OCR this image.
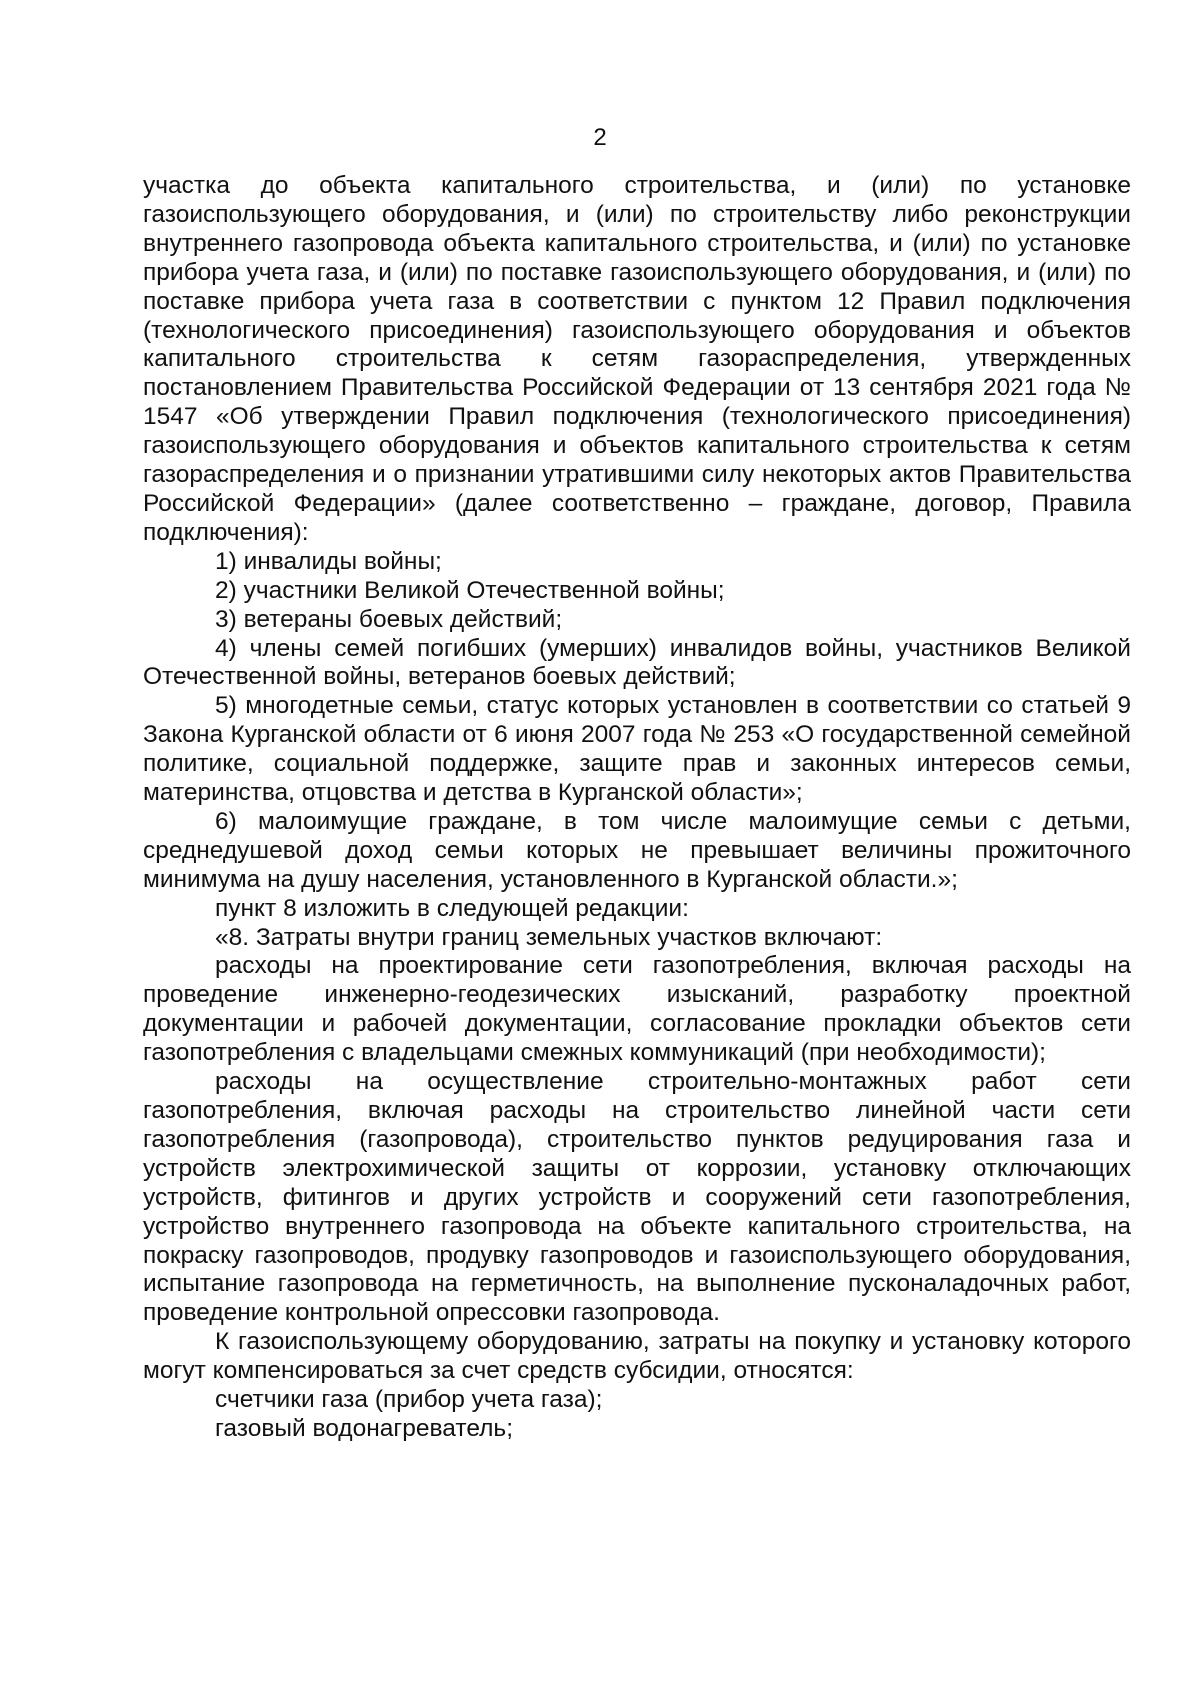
2

участка до объекта капитального строительства, и (или) по установке газоиспользующего оборудования, и (или) по строительству либо реконструкции внутреннего газопровода объекта капитального строительства, и (или) по установке прибора учета газа, и (или) по поставке газоиспользующего оборудования, и (или) по поставке прибора учета газа в соответствии с пунктом 12 Правил подключения (технологического присоединения) газоиспользующего оборудования и объектов капитального строительства к сетям газораспределения, утвержденных постановлением Правительства Российской Федерации от 13 сентября 2021 года № 1547 «Об утверждении Правил подключения (технологического присоединения) газоиспользующего оборудования и объектов капитального строительства к сетям газораспределения и о признании утратившими силу некоторых актов Правительства Российской Федерации» (далее соответственно – граждане, договор, Правила подключения):

1) инвалиды войны;

2) участники Великой Отечественной войны;

3) ветераны боевых действий;

4) члены семей погибших (умерших) инвалидов войны, участников Великой Отечественной войны, ветеранов боевых действий;

5) многодетные семьи, статус которых установлен в соответствии со статьей 9 Закона Курганской области от 6 июня 2007 года № 253 «О государственной семейной политике, социальной поддержке, защите прав и законных интересов семьи, материнства, отцовства и детства в Курганской области»;

6) малоимущие граждане, в том числе малоимущие семьи с детьми, среднедушевой доход семьи которых не превышает величины прожиточного минимума на душу населения, установленного в Курганской области.»;

пункт 8 изложить в следующей редакции:

«8. Затраты внутри границ земельных участков включают:

расходы на проектирование сети газопотребления, включая расходы на проведение инженерно-геодезических изысканий, разработку проектной документации и рабочей документации, согласование прокладки объектов сети газопотребления с владельцами смежных коммуникаций (при необходимости);

расходы на осуществление строительно-монтажных работ сети газопотребления, включая расходы на строительство линейной части сети газопотребления (газопровода), строительство пунктов редуцирования газа и устройств электрохимической защиты от коррозии, установку отключающих устройств, фитингов и других устройств и сооружений сети газопотребления, устройство внутреннего газопровода на объекте капитального строительства, на покраску газопроводов, продувку газопроводов и газоиспользующего оборудования, испытание газопровода на герметичность, на выполнение пусконаладочных работ, проведение контрольной опрессовки газопровода.

К газоиспользующему оборудованию, затраты на покупку и установку которого могут компенсироваться за счет средств субсидии, относятся:

счетчики газа (прибор учета газа);

газовый водонагреватель;
